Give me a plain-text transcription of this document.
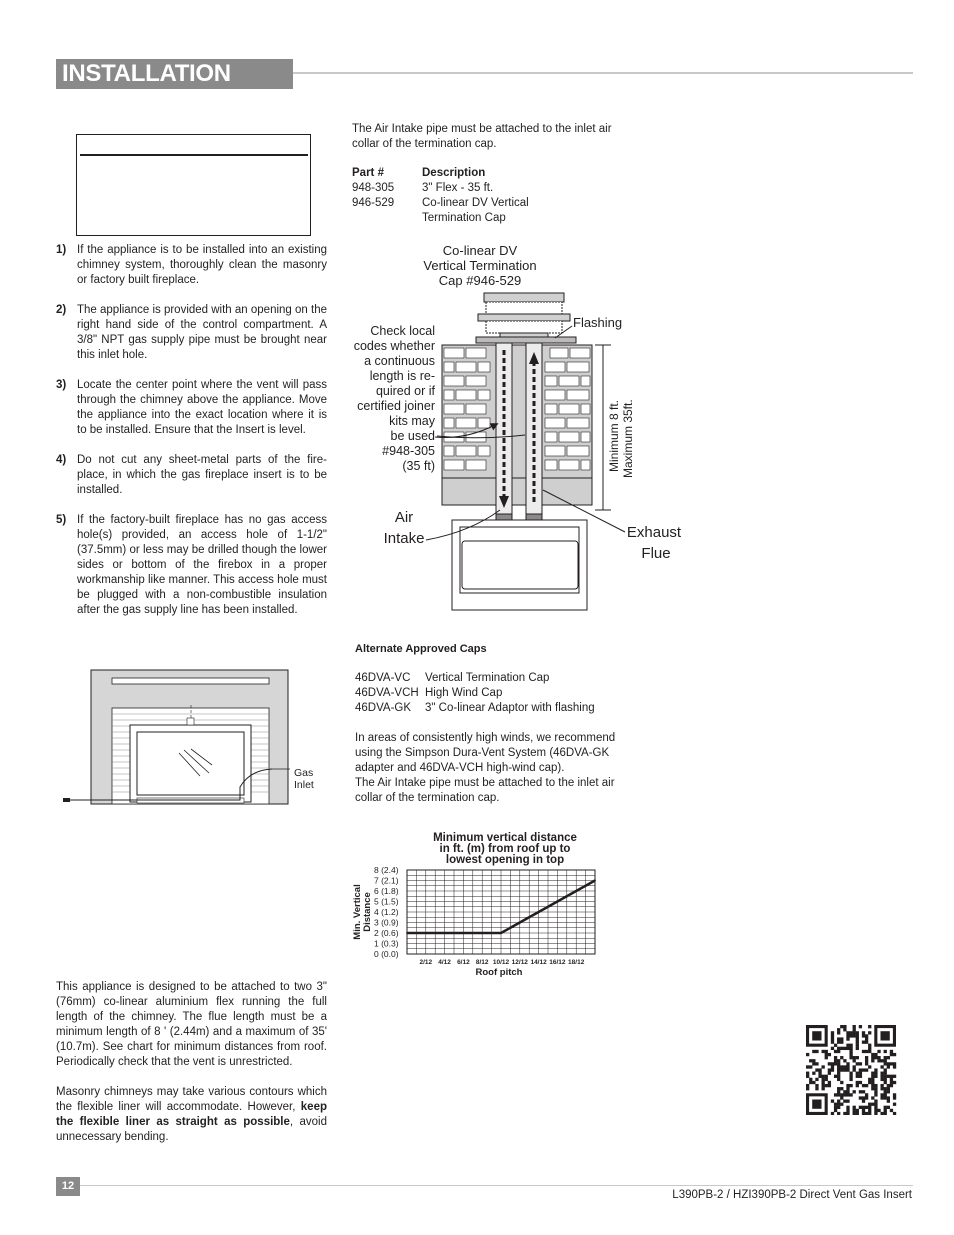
INSTALLATION
1) If the appliance is to be installed into an existing chimney system, thoroughly clean the masonry or factory built fireplace.
2) The appliance is provided with an opening on the right hand side of the control compartment. A 3/8" NPT gas supply pipe must be brought near this inlet hole.
3) Locate the center point where the vent will pass through the chimney above the appliance. Move the appliance into the exact location where it is to be installed. Ensure that the Insert is level.
4) Do not cut any sheet-metal parts of the fire-place, in which the gas fireplace insert is to be installed.
5) If the factory-built fireplace has no gas access hole(s) provided, an access hole of 1-1/2" (37.5mm) or less may be drilled though the lower sides or bottom of the firebox in a proper workmanship like manner. This access hole must be plugged with a non-combustible insulation after the gas supply line has been installed.
Gas
Inlet
This appliance is designed to be attached to two 3" (76mm) co-linear aluminium flex running the full length of the chimney. The flue length must be a minimum length of 8 ' (2.44m) and a maximum of 35' (10.7m). See chart for minimum distances from roof. Periodically check that the vent is unrestricted.
Masonry chimneys may take various contours which the flexible liner will accommodate. However, keep the flexible liner as straight as possible, avoid unnecessary bending.
The Air Intake pipe must be attached to the inlet air collar of the termination cap.
Part #	Description
948-305	3" Flex - 35 ft.
946-529	Co-linear DV Vertical Termination Cap
Co-linear DV
Vertical Termination
Cap #946-529
Flashing
Minimum 8 ft. Maximum 35ft.
Check local
codes whether
a continuous
length is re-
quired or if
certified joiner
kits may
be used
#948-305
(35 ft)
Air
Intake	Exhaust
Flue
Alternate Approved Caps
46DVA-VC	Vertical Termination Cap
46DVA-VCH	High Wind Cap
46DVA-GK	3" Co-linear Adaptor with flashing
In areas of consistently high winds, we recommend using the Simpson Dura-Vent System (46DVA-GK adapter and 46DVA-VCH high-wind cap).
The Air Intake pipe must be attached to the inlet air collar of the termination cap.
Minimum vertical distance
in ft. (m) from roof up to
lowest opening in top
0 (0.0)
1 (0.3)
2 (0.6)
3 (0.9)
4 (1.2)
5 (1.5)
6 (1.8)
7 (2.1)
8 (2.4)
2/12 4/12 6/12 8/12 10/12 12/12 14/12 16/12 18/12
Roof pitch
Min. Vertical Distance
12
L390PB-2 / HZI390PB-2 Direct Vent Gas Insert
